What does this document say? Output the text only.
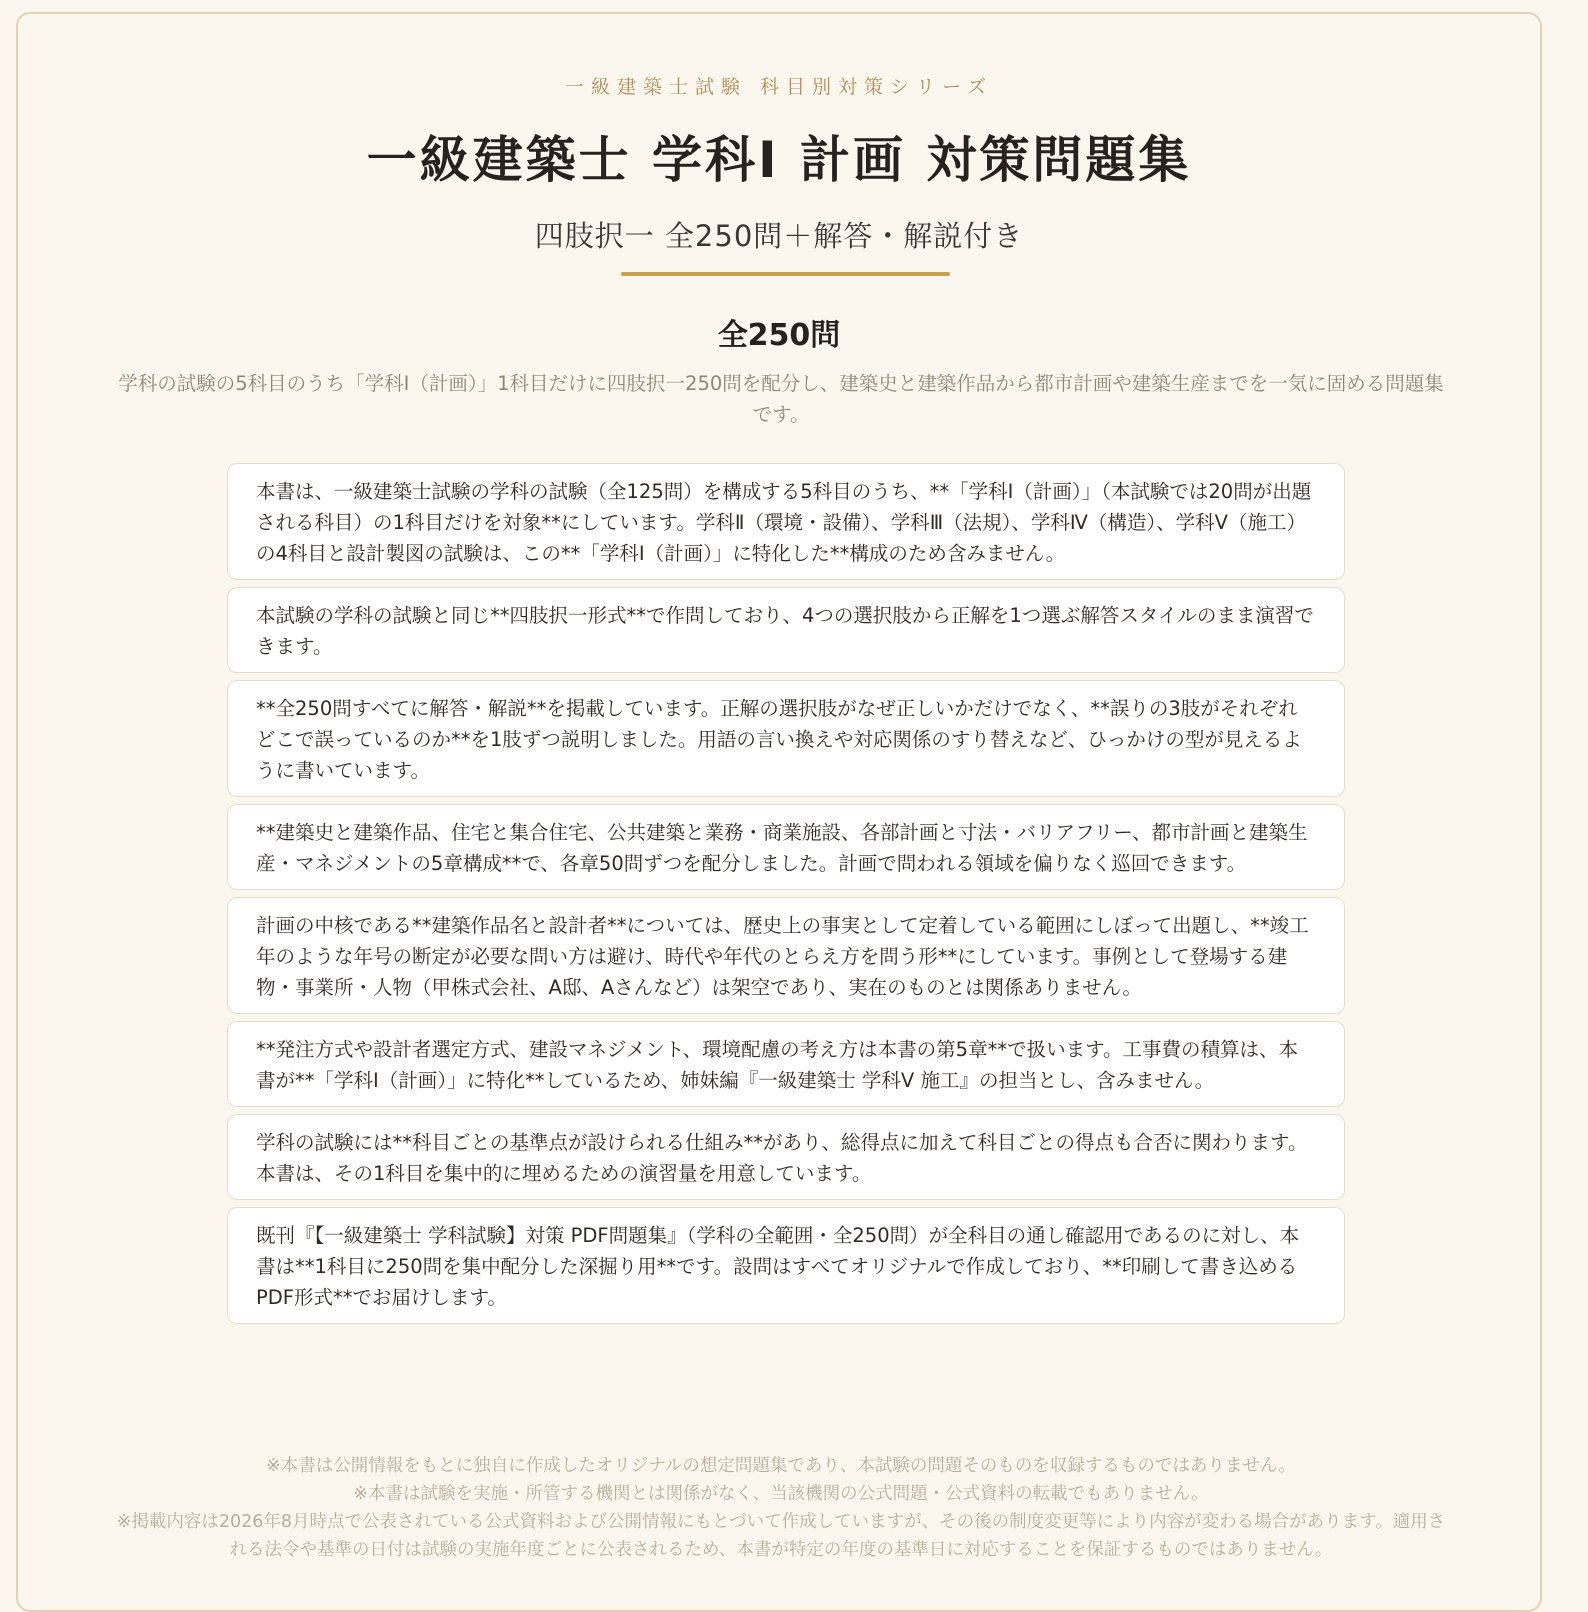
一級建築士試験 科目別対策シリーズ
一級建築士 学科Ⅰ 計画 対策問題集
四肢択一 全250問＋解答・解説付き
全250問
学科の試験の5科目のうち「学科Ⅰ（計画）」1科目だけに四肢択一250問を配分し、建築史と建築作品から都市計画や建築生産までを一気に固める問題集です。
本書は、一級建築士試験の学科の試験（全125問）を構成する5科目のうち、**「学科Ⅰ（計画）」（本試験では20問が出題される科目）の1科目だけを対象**にしています。学科Ⅱ（環境・設備）、学科Ⅲ（法規）、学科Ⅳ（構造）、学科Ⅴ（施工）の4科目と設計製図の試験は、この**「学科Ⅰ（計画）」に特化した**構成のため含みません。
本試験の学科の試験と同じ**四肢択一形式**で作問しており、4つの選択肢から正解を1つ選ぶ解答スタイルのまま演習できます。
**全250問すべてに解答・解説**を掲載しています。正解の選択肢がなぜ正しいかだけでなく、**誤りの3肢がそれぞれどこで誤っているのか**を1肢ずつ説明しました。用語の言い換えや対応関係のすり替えなど、ひっかけの型が見えるように書いています。
**建築史と建築作品、住宅と集合住宅、公共建築と業務・商業施設、各部計画と寸法・バリアフリー、都市計画と建築生産・マネジメントの5章構成**で、各章50問ずつを配分しました。計画で問われる領域を偏りなく巡回できます。
計画の中核である**建築作品名と設計者**については、歴史上の事実として定着している範囲にしぼって出題し、**竣工年のような年号の断定が必要な問い方は避け、時代や年代のとらえ方を問う形**にしています。事例として登場する建物・事業所・人物（甲株式会社、A邸、Aさんなど）は架空であり、実在のものとは関係ありません。
**発注方式や設計者選定方式、建設マネジメント、環境配慮の考え方は本書の第5章**で扱います。工事費の積算は、本書が**「学科Ⅰ（計画）」に特化**しているため、姉妹編『一級建築士 学科Ⅴ 施工』の担当とし、含みません。
学科の試験には**科目ごとの基準点が設けられる仕組み**があり、総得点に加えて科目ごとの得点も合否に関わります。本書は、その1科目を集中的に埋めるための演習量を用意しています。
既刊『【一級建築士 学科試験】対策 PDF問題集』（学科の全範囲・全250問）が全科目の通し確認用であるのに対し、本書は**1科目に250問を集中配分した深掘り用**です。設問はすべてオリジナルで作成しており、**印刷して書き込めるPDF形式**でお届けします。

※本書は公開情報をもとに独自に作成したオリジナルの想定問題集であり、本試験の問題そのものを収録するものではありません。

※本書は試験を実施・所管する機関とは関係がなく、当該機関の公式問題・公式資料の転載でもありません。

※掲載内容は2026年8月時点で公表されている公式資料および公開情報にもとづいて作成していますが、その後の制度変更等により内容が変わる場合があります。適用される法令や基準の日付は試験の実施年度ごとに公表されるため、本書が特定の年度の基準日に対応することを保証するものではありません。
